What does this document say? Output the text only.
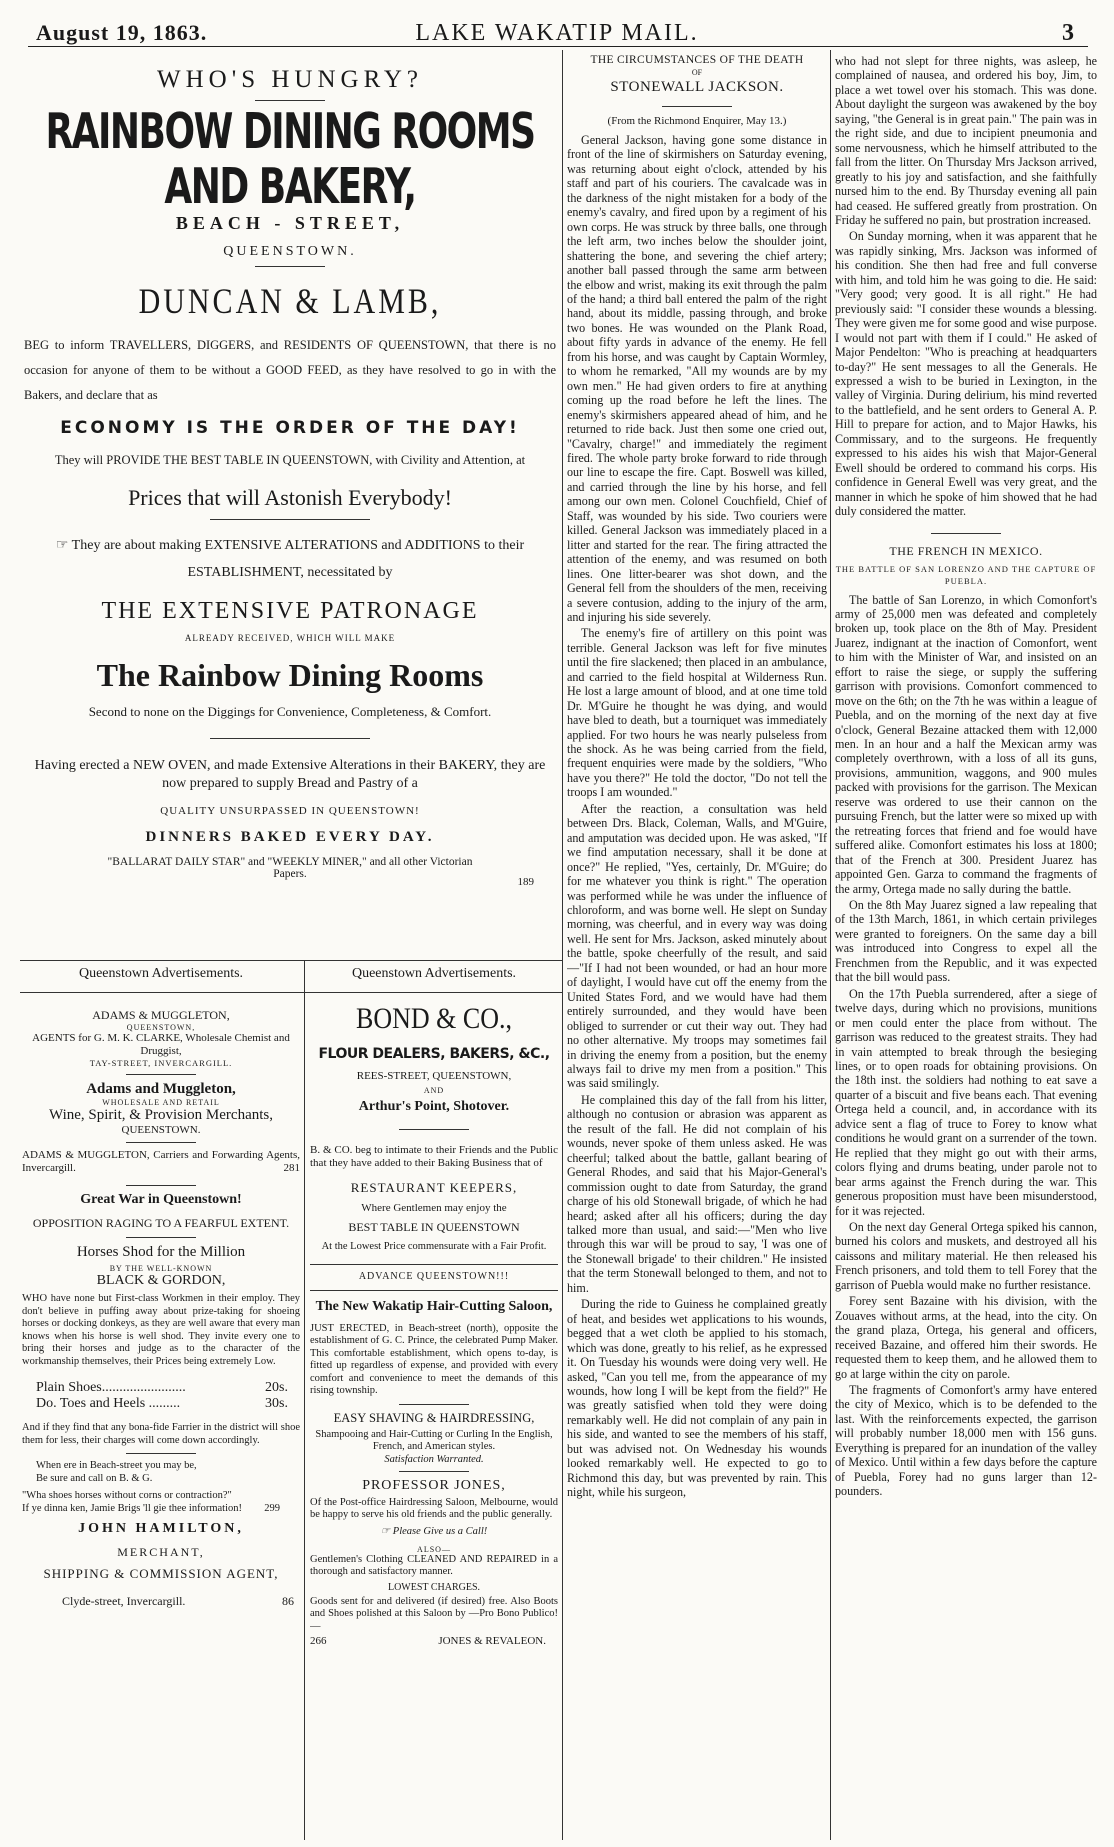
August 19, 1863.	LAKE WAKATIP MAIL.	3
WHO'S HUNGRY?
RAINBOW DINING ROOMS AND BAKERY,
BEACH - STREET,
QUEENSTOWN.
DUNCAN & LAMB,
BEG to inform TRAVELLERS, DIGGERS, and RESIDENTS OF QUEENSTOWN, that there is no occasion for anyone of them to be without a GOOD FEED, as they have resolved to go in with the Bakers, and declare that as
ECONOMY IS THE ORDER OF THE DAY!
They will PROVIDE THE BEST TABLE IN QUEENSTOWN, with Civility and Attention, at
Prices that will Astonish Everybody!
☞ They are about making EXTENSIVE ALTERATIONS and ADDITIONS to their ESTABLISHMENT, necessitated by
THE EXTENSIVE PATRONAGE
ALREADY RECEIVED, WHICH WILL MAKE
The Rainbow Dining Rooms
Second to none on the Diggings for Convenience, Completeness, & Comfort.
Having erected a NEW OVEN, and made Extensive Alterations in their BAKERY, they are now prepared to supply Bread and Pastry of a
QUALITY UNSURPASSED IN QUEENSTOWN!
DINNERS BAKED EVERY DAY.
"BALLARAT DAILY STAR" and "WEEKLY MINER," and all other Victorian Papers.
189
Queenstown Advertisements.
ADAMS & MUGGLETON,
QUEENSTOWN,
AGENTS for G. M. K. CLARKE, Wholesale Chemist and Druggist,
TAY-STREET, INVERCARGILL.
Adams and Muggleton,
WHOLESALE AND RETAIL
Wine, Spirit, & Provision Merchants,
QUEENSTOWN.
ADAMS & MUGGLETON, Carriers and Forwarding Agents, Invercargill.	281
Great War in Queenstown!
OPPOSITION RAGING TO A FEARFUL EXTENT.
Horses Shod for the Million
BY THE WELL-KNOWN
BLACK & GORDON,
WHO have none but First-class Workmen in their employ. They don't believe in puffing away about prize-taking for shoeing horses or docking donkeys, as they are well aware that every man knows when his horse is well shod. They invite every one to bring their horses and judge as to the character of the workmanship themselves, their Prices being extremely Low.
Plain Shoes........................	20s.
Do. Toes and Heels .........	30s.
And if they find that any bona-fide Farrier in the district will shoe them for less, their charges will come down accordingly.
When ere in Beach-street you may be,
Be sure and call on B. & G.
"Wha shoes horses without corns or contraction?"
If ye dinna ken, Jamie Brigs 'll gie thee information! 299
JOHN HAMILTON,
MERCHANT,
SHIPPING & COMMISSION AGENT,
Clyde-street, Invercargill.	86
Queenstown Advertisements.
BOND & CO.,
FLOUR DEALERS, BAKERS, &C.,
REES-STREET, QUEENSTOWN,
AND
Arthur's Point, Shotover.
B. & CO. beg to intimate to their Friends and the Public that they have added to their Baking Business that of
RESTAURANT KEEPERS,
Where Gentlemen may enjoy the
BEST TABLE IN QUEENSTOWN
At the Lowest Price commensurate with a Fair Profit.
ADVANCE QUEENSTOWN!!!
The New Wakatip Hair-Cutting Saloon,
JUST ERECTED, in Beach-street (north), opposite the establishment of G. C. Prince, the celebrated Pump Maker. This comfortable establishment, which opens to-day, is fitted up regardless of expense, and provided with every comfort and convenience to meet the demands of this rising township.
EASY SHAVING & HAIRDRESSING,
Shampooing and Hair-Cutting or Curling In the English, French, and American styles.
Satisfaction Warranted.
PROFESSOR JONES,
Of the Post-office Hairdressing Saloon, Melbourne, would be happy to serve his old friends and the public generally.
☞ Please Give us a Call!
ALSO—
Gentlemen's Clothing CLEANED AND REPAIRED in a thorough and satisfactory manner.
LOWEST CHARGES.
Goods sent for and delivered (if desired) free. Also Boots and Shoes polished at this Saloon by —Pro Bono Publico!—
266	JONES & REVALEON.
THE CIRCUMSTANCES OF THE DEATH
OF
STONEWALL JACKSON.
(From the Richmond Enquirer, May 13.)

General Jackson, having gone some distance in front of the line of skirmishers on Saturday evening, was returning about eight o'clock, attended by his staff and part of his couriers. The cavalcade was in the darkness of the night mistaken for a body of the enemy's cavalry, and fired upon by a regiment of his own corps. He was struck by three balls, one through the left arm, two inches below the shoulder joint, shattering the bone, and severing the chief artery; another ball passed through the same arm between the elbow and wrist, making its exit through the palm of the hand; a third ball entered the palm of the right hand, about its middle, passing through, and broke two bones. He was wounded on the Plank Road, about fifty yards in advance of the enemy. He fell from his horse, and was caught by Captain Wormley, to whom he remarked, "All my wounds are by my own men." He had given orders to fire at anything coming up the road before he left the lines. The enemy's skirmishers appeared ahead of him, and he returned to ride back. Just then some one cried out, "Cavalry, charge!" and immediately the regiment fired. The whole party broke forward to ride through our line to escape the fire. Capt. Boswell was killed, and carried through the line by his horse, and fell among our own men. Colonel Couchfield, Chief of Staff, was wounded by his side. Two couriers were killed. General Jackson was immediately placed in a litter and started for the rear. The firing attracted the attention of the enemy, and was resumed on both lines. One litter-bearer was shot down, and the General fell from the shoulders of the men, receiving a severe contusion, adding to the injury of the arm, and injuring his side severely.

The enemy's fire of artillery on this point was terrible. General Jackson was left for five minutes until the fire slackened; then placed in an ambulance, and carried to the field hospital at Wilderness Run. He lost a large amount of blood, and at one time told Dr. M'Guire he thought he was dying, and would have bled to death, but a tourniquet was immediately applied. For two hours he was nearly pulseless from the shock. As he was being carried from the field, frequent enquiries were made by the soldiers, "Who have you there?" He told the doctor, "Do not tell the troops I am wounded."

After the reaction, a consultation was held between Drs. Black, Coleman, Walls, and M'Guire, and amputation was decided upon. He was asked, "If we find amputation necessary, shall it be done at once?" He replied, "Yes, certainly, Dr. M'Guire; do for me whatever you think is right." The operation was performed while he was under the influence of chloroform, and was borne well. He slept on Sunday morning, was cheerful, and in every way was doing well. He sent for Mrs. Jackson, asked minutely about the battle, spoke cheerfully of the result, and said—"If I had not been wounded, or had an hour more of daylight, I would have cut off the enemy from the United States Ford, and we would have had them entirely surrounded, and they would have been obliged to surrender or cut their way out. They had no other alternative. My troops may sometimes fail in driving the enemy from a position, but the enemy always fail to drive my men from a position." This was said smilingly.

He complained this day of the fall from his litter, although no contusion or abrasion was apparent as the result of the fall. He did not complain of his wounds, never spoke of them unless asked. He was cheerful; talked about the battle, gallant bearing of General Rhodes, and said that his Major-General's commission ought to date from Saturday, the grand charge of his old Stonewall brigade, of which he had heard; asked after all his officers; during the day talked more than usual, and said:—"Men who live through this war will be proud to say, 'I was one of the Stonewall brigade' to their children." He insisted that the term Stonewall belonged to them, and not to him.

During the ride to Guiness he complained greatly of heat, and besides wet applications to his wounds, begged that a wet cloth be applied to his stomach, which was done, greatly to his relief, as he expressed it. On Tuesday his wounds were doing very well. He asked, "Can you tell me, from the appearance of my wounds, how long I will be kept from the field?" He was greatly satisfied when told they were doing remarkably well. He did not complain of any pain in his side, and wanted to see the members of his staff, but was advised not. On Wednesday his wounds looked remarkably well. He expected to go to Richmond this day, but was prevented by rain. This night, while his surgeon,

who had not slept for three nights, was asleep, he complained of nausea, and ordered his boy, Jim, to place a wet towel over his stomach. This was done. About daylight the surgeon was awakened by the boy saying, "the General is in great pain." The pain was in the right side, and due to incipient pneumonia and some nervousness, which he himself attributed to the fall from the litter. On Thursday Mrs Jackson arrived, greatly to his joy and satisfaction, and she faithfully nursed him to the end. By Thursday evening all pain had ceased. He suffered greatly from prostration. On Friday he suffered no pain, but prostration increased.

On Sunday morning, when it was apparent that he was rapidly sinking, Mrs. Jackson was informed of his condition. She then had free and full converse with him, and told him he was going to die. He said: "Very good; very good. It is all right." He had previously said: "I consider these wounds a blessing. They were given me for some good and wise purpose. I would not part with them if I could." He asked of Major Pendelton: "Who is preaching at headquarters to-day?" He sent messages to all the Generals. He expressed a wish to be buried in Lexington, in the valley of Virginia. During delirium, his mind reverted to the battlefield, and he sent orders to General A. P. Hill to prepare for action, and to Major Hawks, his Commissary, and to the surgeons. He frequently expressed to his aides his wish that Major-General Ewell should be ordered to command his corps. His confidence in General Ewell was very great, and the manner in which he spoke of him showed that he had duly considered the matter.

THE FRENCH IN MEXICO.
THE BATTLE OF SAN LORENZO AND THE CAPTURE OF PUEBLA.

The battle of San Lorenzo, in which Comonfort's army of 25,000 men was defeated and completely broken up, took place on the 8th of May. President Juarez, indignant at the inaction of Comonfort, went to him with the Minister of War, and insisted on an effort to raise the siege, or supply the suffering garrison with provisions. Comonfort commenced to move on the 6th; on the 7th he was within a league of Puebla, and on the morning of the next day at five o'clock, General Bezaine attacked them with 12,000 men. In an hour and a half the Mexican army was completely overthrown, with a loss of all its guns, provisions, ammunition, waggons, and 900 mules packed with provisions for the garrison. The Mexican reserve was ordered to use their cannon on the pursuing French, but the latter were so mixed up with the retreating forces that friend and foe would have suffered alike. Comonfort estimates his loss at 1800; that of the French at 300. President Juarez has appointed Gen. Garza to command the fragments of the army, Ortega made no sally during the battle.

On the 8th May Juarez signed a law repealing that of the 13th March, 1861, in which certain privileges were granted to foreigners. On the same day a bill was introduced into Congress to expel all the Frenchmen from the Republic, and it was expected that the bill would pass.

On the 17th Puebla surrendered, after a siege of twelve days, during which no provisions, munitions or men could enter the place from without. The garrison was reduced to the greatest straits. They had in vain attempted to break through the besieging lines, or to open roads for obtaining provisions. On the 18th inst. the soldiers had nothing to eat save a quarter of a biscuit and five beans each. That evening Ortega held a council, and, in accordance with its advice sent a flag of truce to Forey to know what conditions he would grant on a surrender of the town. He replied that they might go out with their arms, colors flying and drums beating, under parole not to bear arms against the French during the war. This generous proposition must have been misunderstood, for it was rejected.

On the next day General Ortega spiked his cannon, burned his colors and muskets, and destroyed all his caissons and military material. He then released his French prisoners, and told them to tell Forey that the garrison of Puebla would make no further resistance.

Forey sent Bazaine with his division, with the Zouaves without arms, at the head, into the city. On the grand plaza, Ortega, his general and officers, received Bazaine, and offered him their swords. He requested them to keep them, and he allowed them to go at large within the city on parole.

The fragments of Comonfort's army have entered the city of Mexico, which is to be defended to the last. With the reinforcements expected, the garrison will probably number 18,000 men with 156 guns. Everything is prepared for an inundation of the valley of Mexico. Until within a few days before the capture of Puebla, Forey had no guns larger than 12-pounders.
